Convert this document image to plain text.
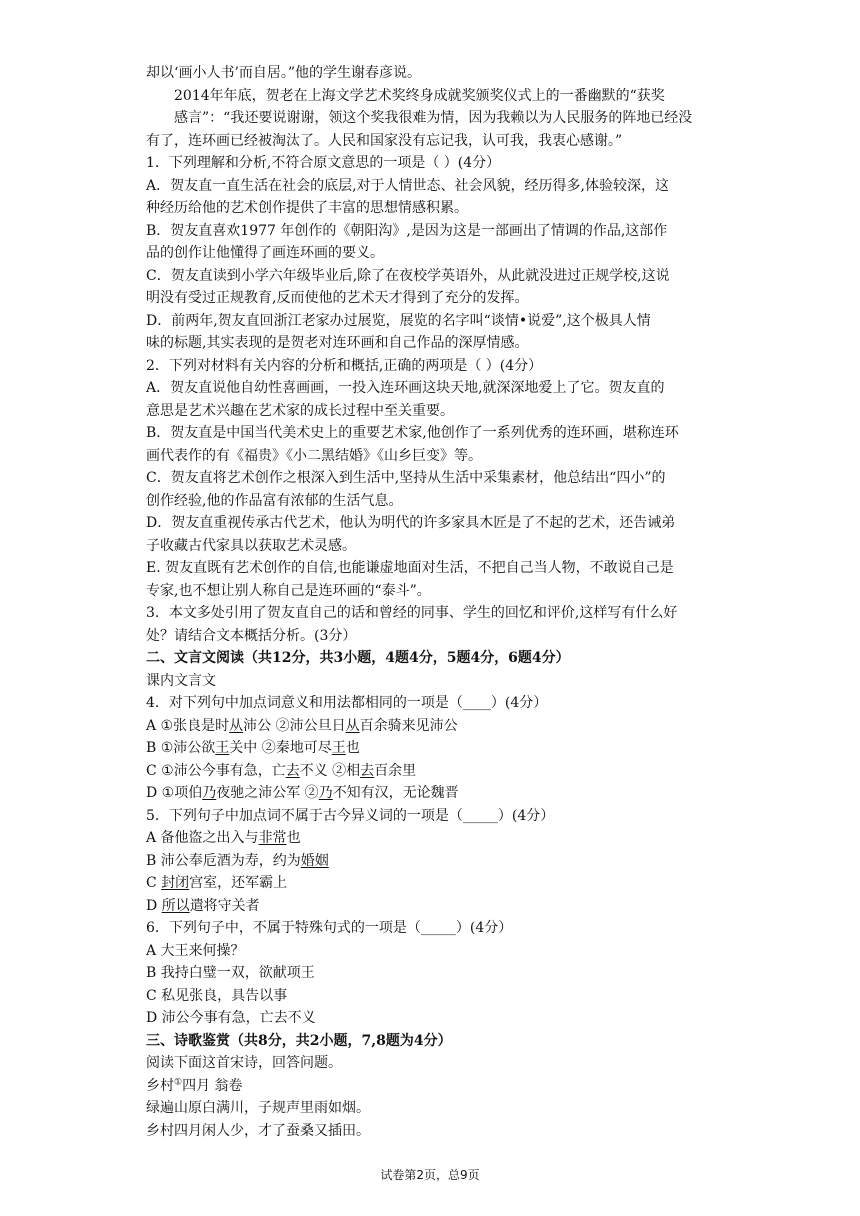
却以‘画小人书’而自居。”他的学生谢春彦说。
2014年年底，贺老在上海文学艺术奖终身成就奖颁奖仪式上的一番幽默的“获奖
感言”：“我还要说谢谢，领这个奖我很难为情，因为我赖以为人民服务的阵地已经没
有了，连环画已经被淘汰了。人民和国家没有忘记我，认可我，我衷心感谢。”
1．下列理解和分析,不符合原文意思的一项是（ ）(4分）
A．贺友直一直生活在社会的底层,对于人情世态、社会风貌，经历得多,体验较深，这
种经历给他的艺术创作提供了丰富的思想情感积累。
B．贺友直喜欢1977 年创作的《朝阳沟》,是因为这是一部画出了情调的作品,这部作
品的创作让他懂得了画连环画的要义。
C．贺友直读到小学六年级毕业后,除了在夜校学英语外，从此就没进过正规学校,这说
明没有受过正规教育,反而使他的艺术天才得到了充分的发挥。
D．前两年,贺友直回浙江老家办过展览，展览的名字叫“谈情•说爱”,这个极具人情
味的标题,其实表现的是贺老对连环画和自己作品的深厚情感。
2．下列对材料有关内容的分析和概括,正确的两项是（ ）(4分）
A．贺友直说他自幼性喜画画，一投入连环画这块天地,就深深地爱上了它。贺友直的
意思是艺术兴趣在艺术家的成长过程中至关重要。
B．贺友直是中国当代美术史上的重要艺术家,他创作了一系列优秀的连环画，堪称连环
画代表作的有《福贵》《小二黑结婚》《山乡巨变》等。
C．贺友直将艺术创作之根深入到生活中,坚持从生活中采集素材，他总结出“四小”的
创作经验,他的作品富有浓郁的生活气息。
D．贺友直重视传承古代艺术，他认为明代的许多家具木匠是了不起的艺术，还告诫弟
子收藏古代家具以获取艺术灵感。
E. 贺友直既有艺术创作的自信,也能谦虚地面对生活，不把自己当人物，不敢说自己是
专家,也不想让别人称自己是连环画的“泰斗”。
3．本文多处引用了贺友直自己的话和曾经的同事、学生的回忆和评价,这样写有什么好
处？请结合文本概括分析。(3分）
二、文言文阅读（共12分，共3小题，4题4分，5题4分，6题4分）
课内文言文
4．对下列句中加点词意义和用法都相同的一项是（____）(4分）
A ①张良是时从沛公 ②沛公旦日从百余骑来见沛公
B ①沛公欲王关中 ②秦地可尽王也
C ①沛公今事有急，亡去不义 ②相去百余里
D ①项伯乃夜驰之沛公军 ②乃不知有汉，无论魏晋
5．下列句子中加点词不属于古今异义词的一项是（_____）(4分）
A 备他盗之出入与非常也
B 沛公奉卮酒为寿，约为婚姻
C 封闭宫室，还军霸上
D 所以遣将守关者
6．下列句子中，不属于特殊句式的一项是（_____）(4分）
A 大王来何操？
B 我持白璧一双，欲献项王
C 私见张良，具告以事
D 沛公今事有急，亡去不义
三、诗歌鉴赏（共8分，共2小题，7,8题为4分）
阅读下面这首宋诗，回答问题。
乡村①四月 翁卷
绿遍山原白满川，子规声里雨如烟。
乡村四月闲人少，才了蚕桑又插田。
试卷第2页，总9页
